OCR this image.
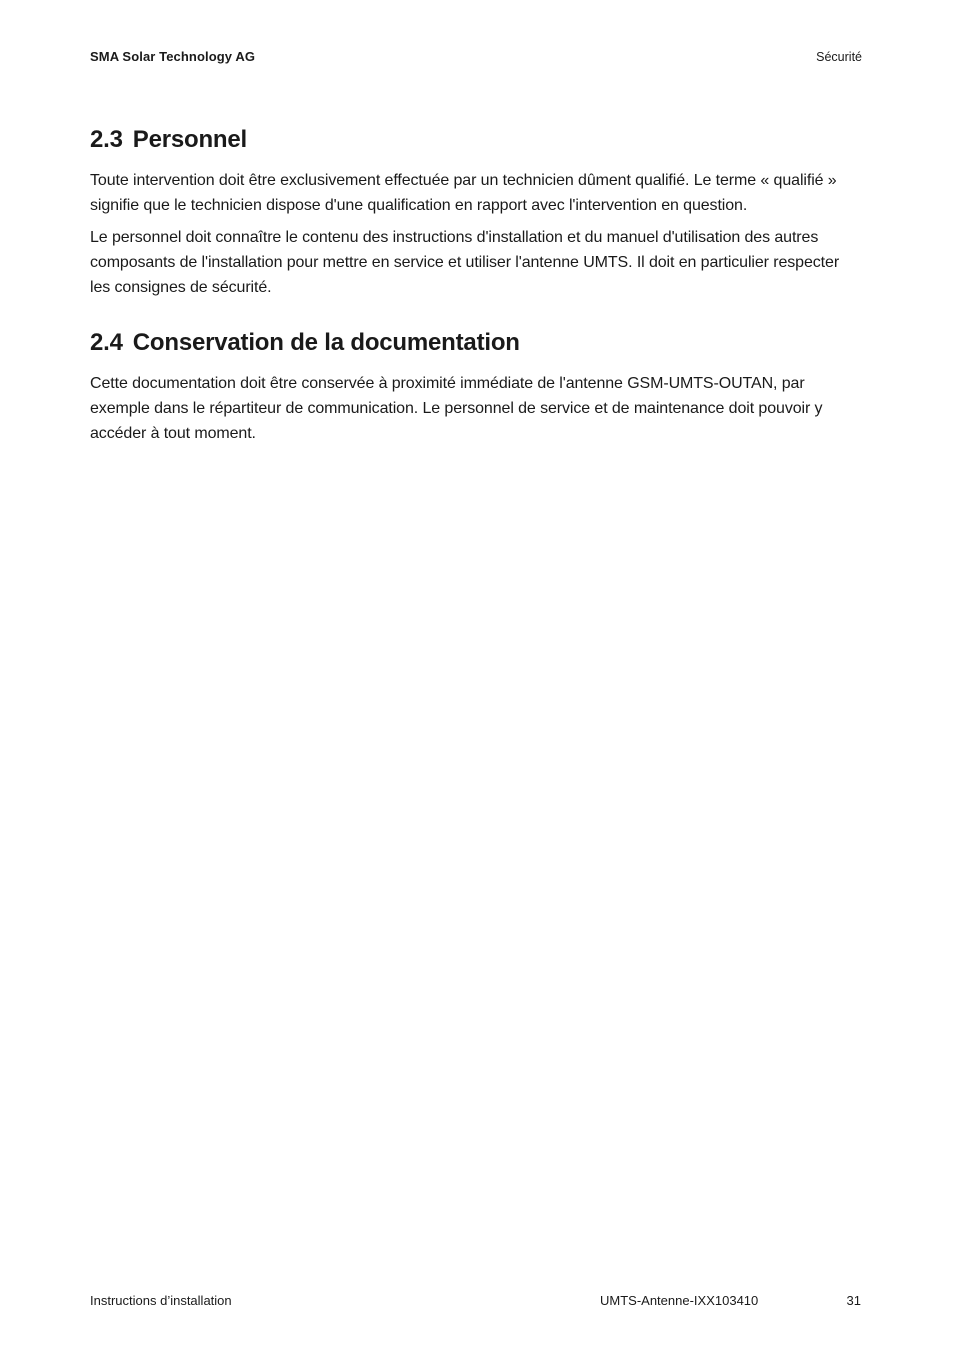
SMA Solar Technology AG	Sécurité
2.3 Personnel

Toute intervention doit être exclusivement effectuée par un technicien dûment qualifié. Le terme « qualifié » signifie que le technicien dispose d'une qualification en rapport avec l'intervention en question.

Le personnel doit connaître le contenu des instructions d'installation et du manuel d'utilisation des autres composants de l'installation pour mettre en service et utiliser l'antenne UMTS. Il doit en particulier respecter les consignes de sécurité.

2.4 Conservation de la documentation

Cette documentation doit être conservée à proximité immédiate de l'antenne GSM-UMTS-OUTAN, par exemple dans le répartiteur de communication. Le personnel de service et de maintenance doit pouvoir y accéder à tout moment.

Instructions d’installation	UMTS-Antenne-IXX103410	31
